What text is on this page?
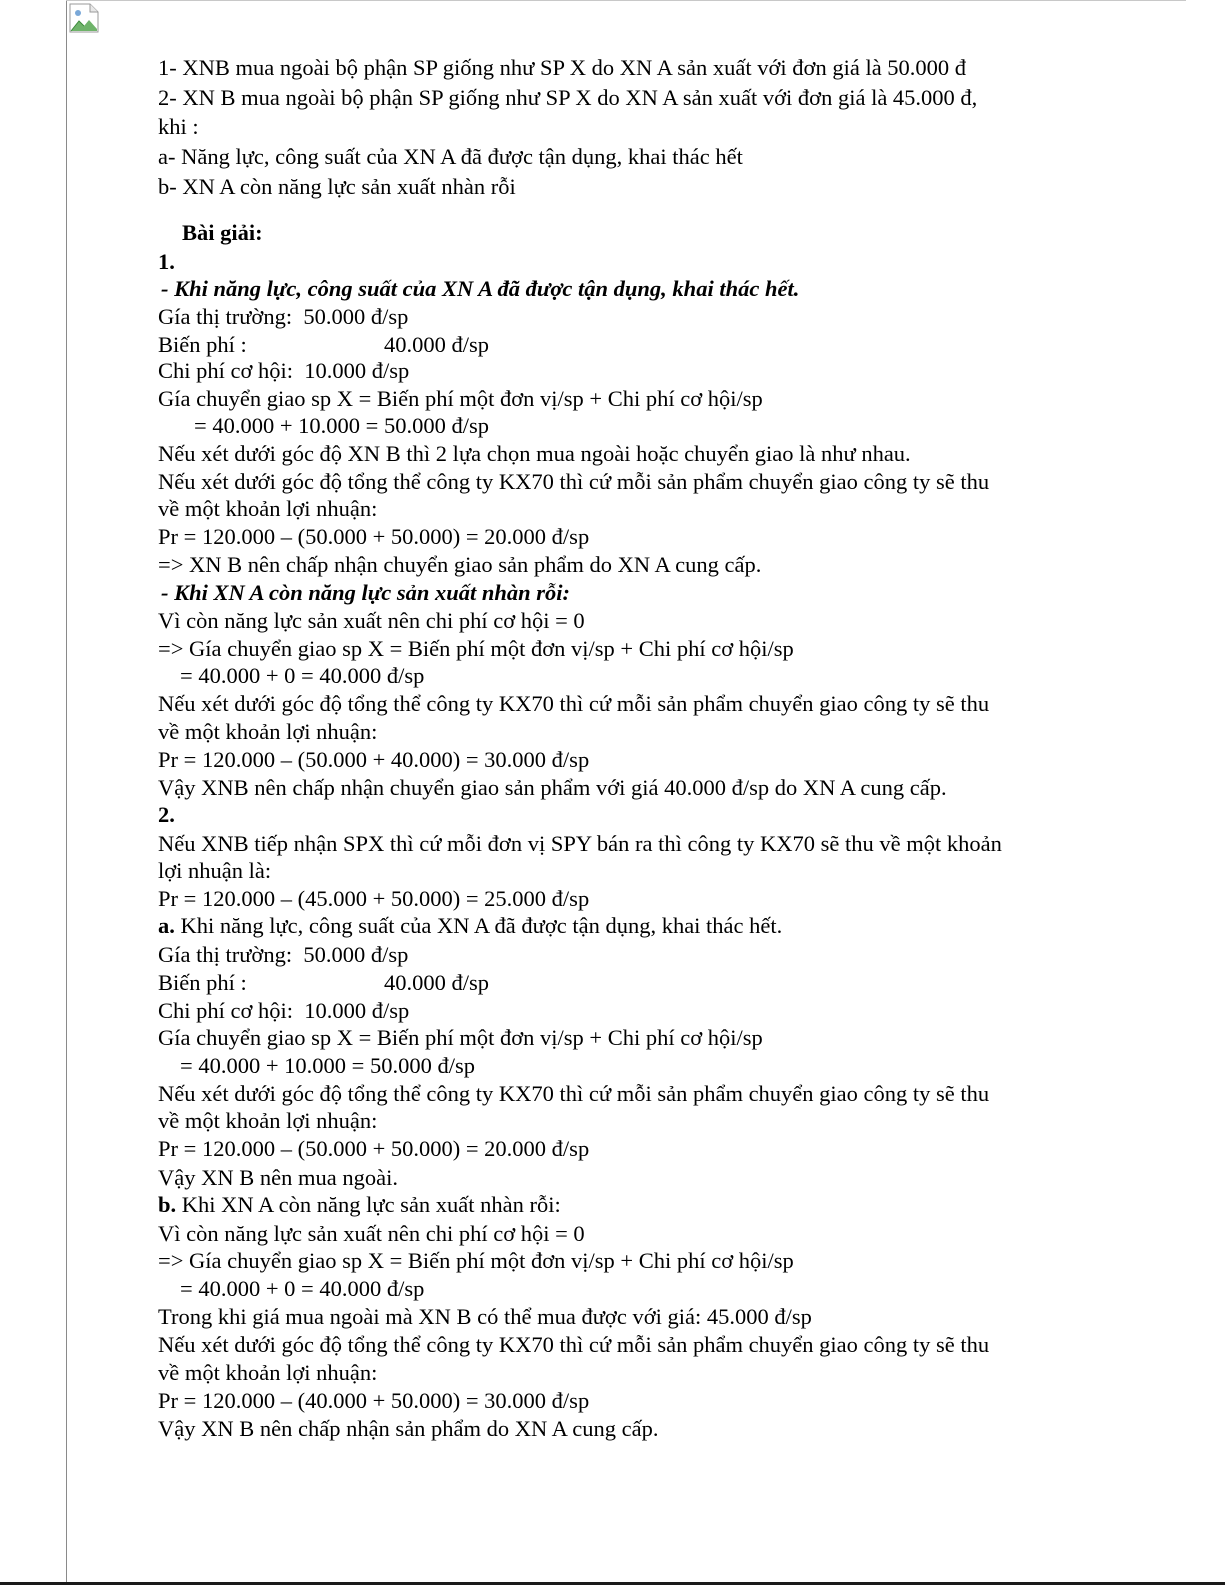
1- XNB mua ngoài bộ phận SP giống như SP X do XN A sản xuất với đơn giá là 50.000 đ
2- XN B mua ngoài bộ phận SP giống như SP X do XN A sản xuất với đơn giá là 45.000 đ,
khi :
a- Năng lực, công suất của XN A đã được tận dụng, khai thác hết
b- XN A còn năng lực sản xuất nhàn rỗi
Bài giải:
1.
- Khi năng lực, công suất của XN A đã được tận dụng, khai thác hết.
Gía thị trường:  50.000 đ/sp
Biến phí :	40.000 đ/sp
Chi phí cơ hội:  10.000 đ/sp
Gía chuyển giao sp X = Biến phí một đơn vị/sp + Chi phí cơ hội/sp
= 40.000 + 10.000 = 50.000 đ/sp
Nếu xét dưới góc độ XN B thì 2 lựa chọn mua ngoài hoặc chuyển giao là như nhau.
Nếu xét dưới góc độ tổng thể công ty KX70 thì cứ mỗi sản phẩm chuyển giao công ty sẽ thu
về một khoản lợi nhuận:
Pr = 120.000 – (50.000 + 50.000) = 20.000 đ/sp
=> XN B nên chấp nhận chuyển giao sản phẩm do XN A cung cấp.
- Khi XN A còn năng lực sản xuất nhàn rỗi:
Vì còn năng lực sản xuất nên chi phí cơ hội = 0
=> Gía chuyển giao sp X = Biến phí một đơn vị/sp + Chi phí cơ hội/sp
= 40.000 + 0 = 40.000 đ/sp
Nếu xét dưới góc độ tổng thể công ty KX70 thì cứ mỗi sản phẩm chuyển giao công ty sẽ thu
về một khoản lợi nhuận:
Pr = 120.000 – (50.000 + 40.000) = 30.000 đ/sp
Vậy XNB nên chấp nhận chuyển giao sản phẩm với giá 40.000 đ/sp do XN A cung cấp.
2.
Nếu XNB tiếp nhận SPX thì cứ mỗi đơn vị SPY bán ra thì công ty KX70 sẽ thu về một khoản
lợi nhuận là:
Pr = 120.000 – (45.000 + 50.000) = 25.000 đ/sp
a. Khi năng lực, công suất của XN A đã được tận dụng, khai thác hết.
Gía thị trường:  50.000 đ/sp
Biến phí :	40.000 đ/sp
Chi phí cơ hội:  10.000 đ/sp
Gía chuyển giao sp X = Biến phí một đơn vị/sp + Chi phí cơ hội/sp
= 40.000 + 10.000 = 50.000 đ/sp
Nếu xét dưới góc độ tổng thể công ty KX70 thì cứ mỗi sản phẩm chuyển giao công ty sẽ thu
về một khoản lợi nhuận:
Pr = 120.000 – (50.000 + 50.000) = 20.000 đ/sp
Vậy XN B nên mua ngoài.
b. Khi XN A còn năng lực sản xuất nhàn rỗi:
Vì còn năng lực sản xuất nên chi phí cơ hội = 0
=> Gía chuyển giao sp X = Biến phí một đơn vị/sp + Chi phí cơ hội/sp
= 40.000 + 0 = 40.000 đ/sp
Trong khi giá mua ngoài mà XN B có thể mua được với giá: 45.000 đ/sp
Nếu xét dưới góc độ tổng thể công ty KX70 thì cứ mỗi sản phẩm chuyển giao công ty sẽ thu
về một khoản lợi nhuận:
Pr = 120.000 – (40.000 + 50.000) = 30.000 đ/sp
Vậy XN B nên chấp nhận sản phẩm do XN A cung cấp.
